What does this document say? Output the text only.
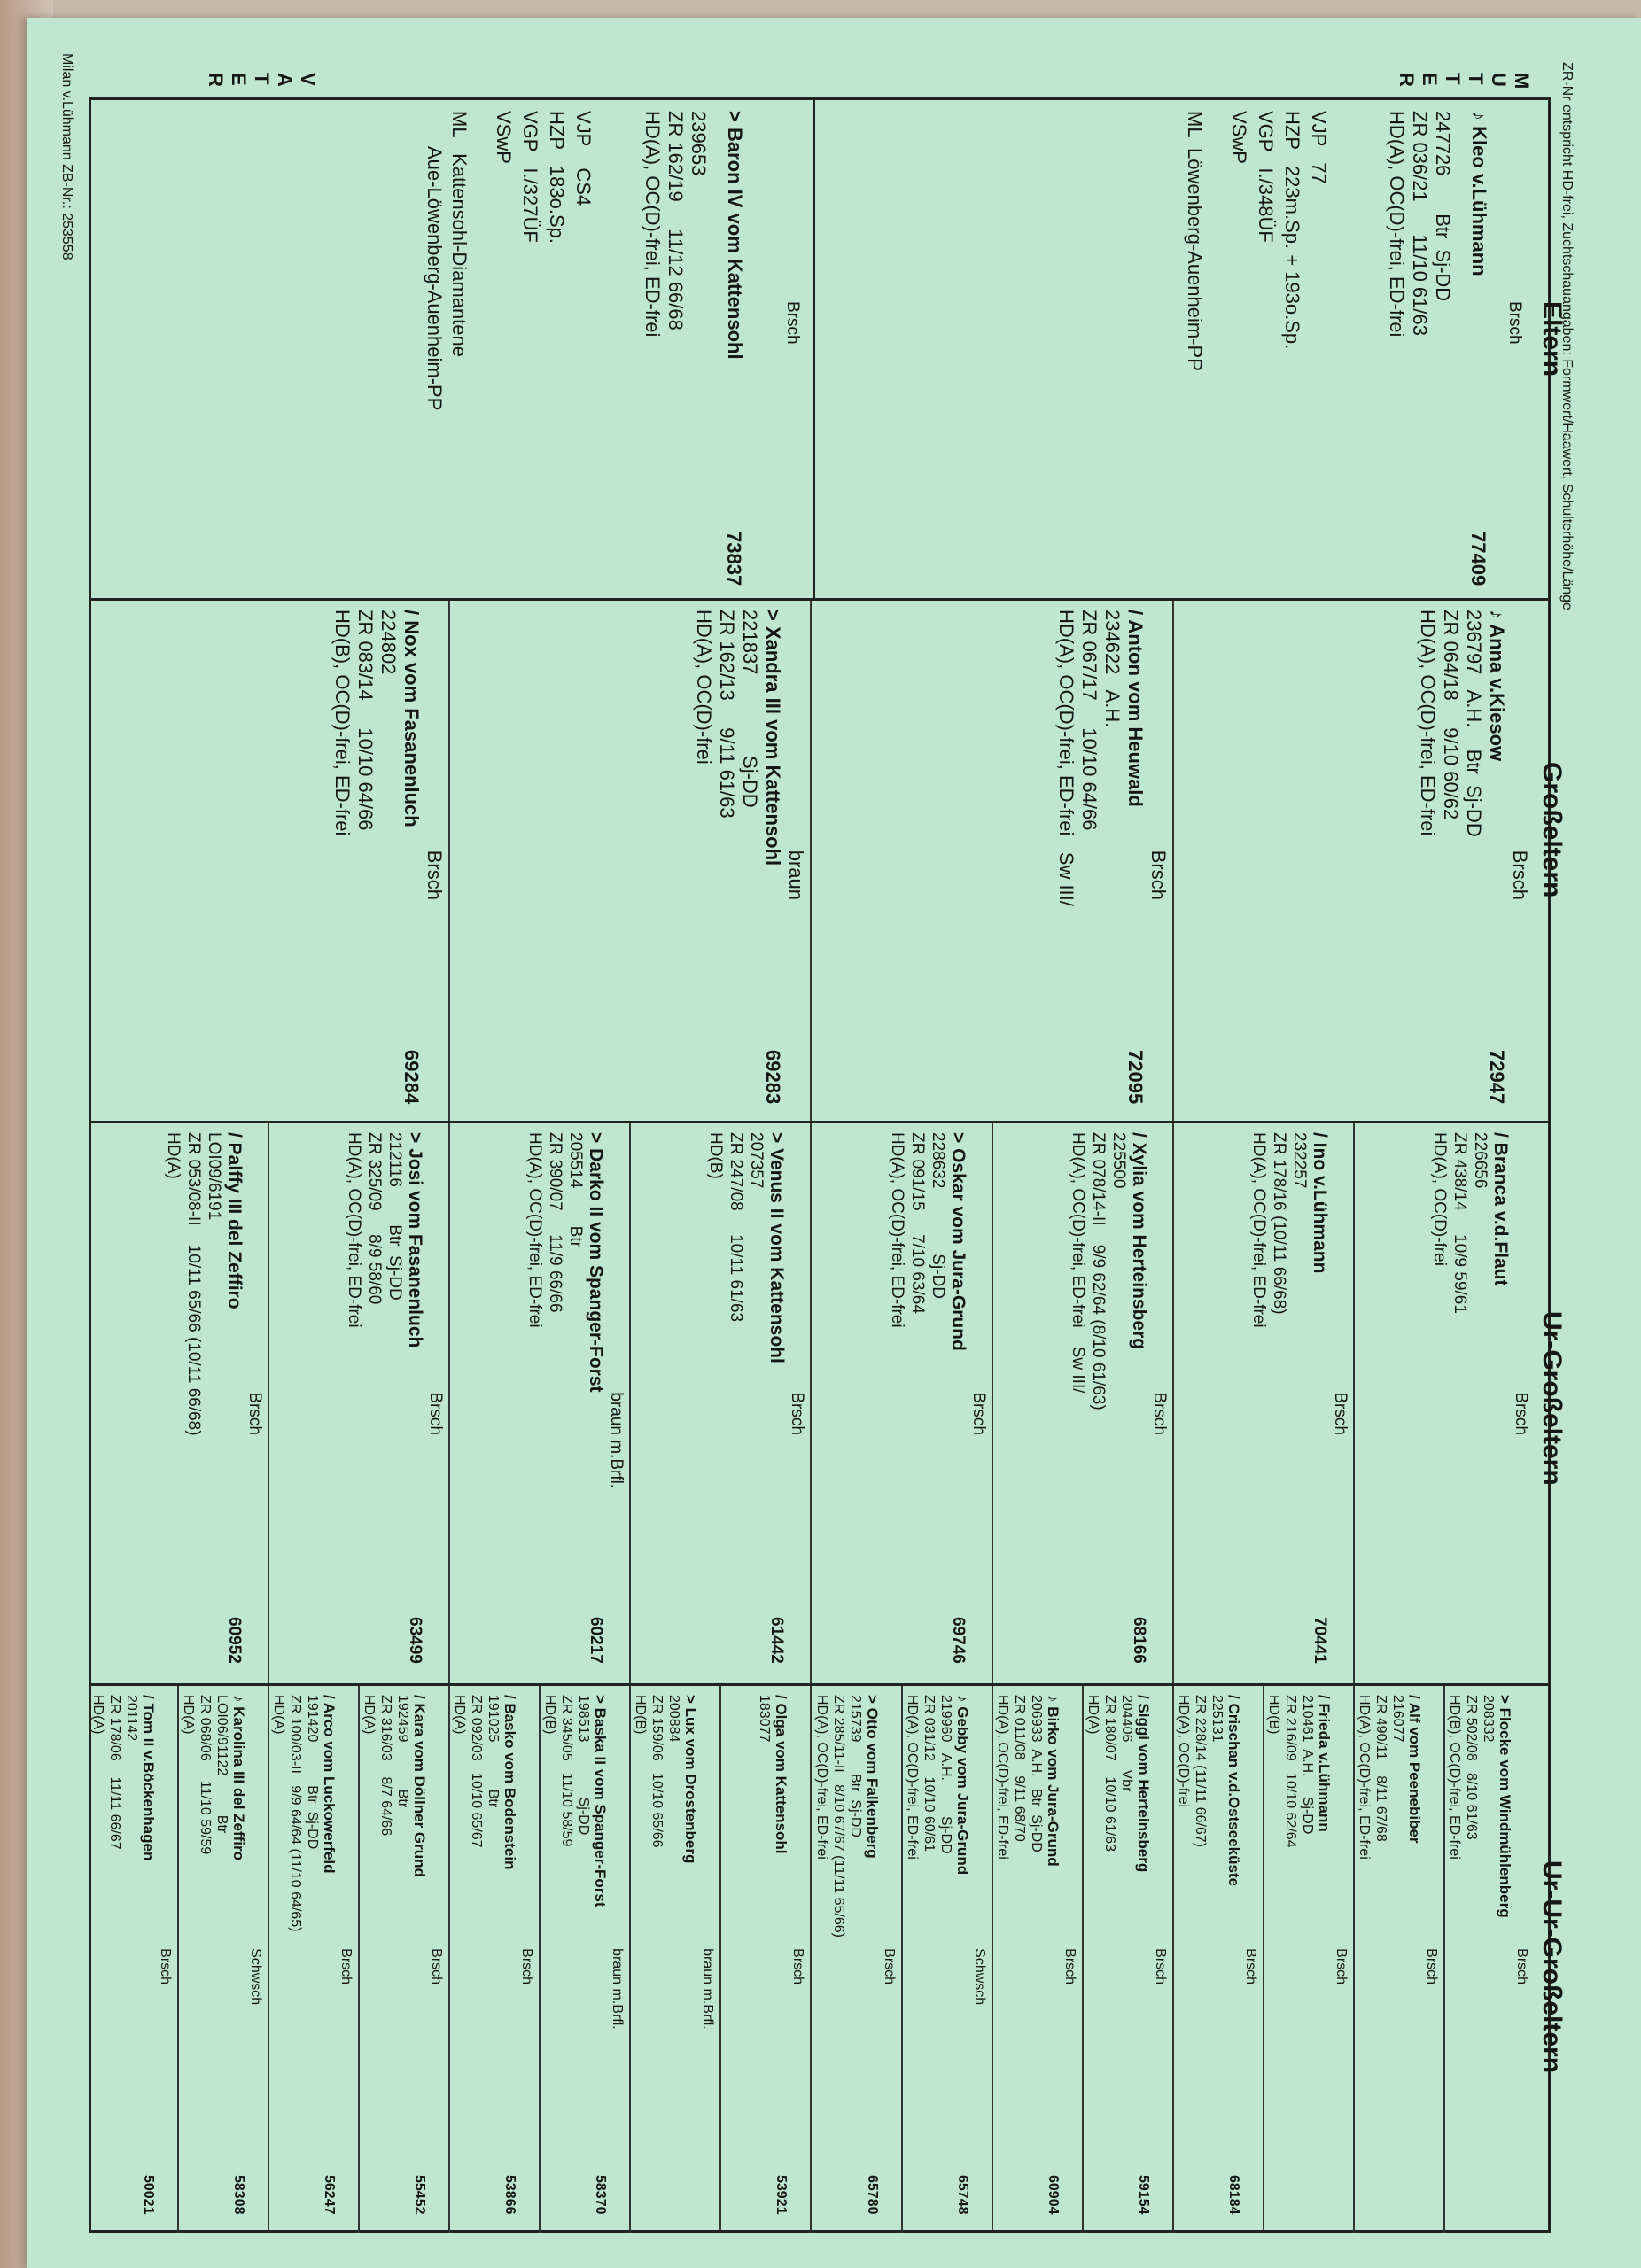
Milan v.Lühmann ZB-Nr.: 253558	ZR-Nr entspricht HD-frei, Zuchtschauangaben: Formwert/Haawert, Schulterhöhe/Länge
M
U
T
T
E
R
V
A
T
E
R
Eltern
Großeltern
Ur-Großeltern
Ur-Ur-Großeltern
Brsch
♪ Kleo v.Lühmann
77409
247726       Btr  Sj-DD
ZR 036/21      11/10 61/63
HD(A), OC(D)-frei, ED-frei
VJP   77
HZP   223m.Sp. + 193o.Sp.
VGP   I./348ÜF
VSwP
ML  Löwenberg-Auenheim-PP
Brsch
> Baron IV vom Kattensohl
73837
239653
ZR 162/19     11/12 66/68
HD(A), OC(D)-frei, ED-frei
VJP    CS4
HZP   183o.Sp.
VGP   I./327ÜF
VSwP
ML   Kattensohl-Diamantene
Aue-Löwenberg-Auenheim-PP
Brsch
♪ Anna v.Kiesow
72947
236797   A.H.    Btr  Sj-DD
ZR 064/18     9/10 60/62
HD(A), OC(D)-frei, ED-frei
Brsch
/ Anton vom Heuwald
72095
234622   A.H.
ZR 067/17     10/10 64/66
HD(A), OC(D)-frei, ED-frei   Sw III/
braun
> Xandra III vom Kattensohl
69283
221837               Sj-DD
ZR 162/13     9/11 61/63
HD(A), OC(D)-frei
Brsch
/ Nox vom Fasanenluch
69284
224802
ZR 083/14     10/10 64/66
HD(B), OC(D)-frei, ED-frei
Brsch
/ Branca v.d.Flaut
226656
ZR 438/14     10/9 59/61
HD(A), OC(D)-frei
Brsch
/ Ino v.Lühmann
70441
232257
ZR 178/16 (10/11 66/68)
HD(A), OC(D)-frei, ED-frei
Brsch
/ Xylia vom Herteinsberg
68166
225500
ZR 078/14-II    9/9 62/64 (8/10 61/63)
HD(A), OC(D)-frei, ED-frei    Sw III/
Brsch
> Oskar vom Jura-Grund
69746
228632              Sj-DD
ZR 091/15     7/10 63/64
HD(A), OC(D)-frei, ED-frei
Brsch
> Venus II vom Kattensohl
61442
207357
ZR 247/08     10/11 61/63
HD(B)
braun m.Brfl.
> Darko II vom Spanger-Forst
60217
205514        Btr
ZR 390/07     11/9 66/66
HD(A), OC(D)-frei, ED-frei
Brsch
> Josi vom Fasanenluch
63499
212116        Btr  Sj-DD
ZR 325/09     8/9 58/60
HD(A), OC(D)-frei, ED-frei
Brsch
/ Palffy III del Zeffiro
60952
LOI09/6191
ZR 053/08-II    10/11 65/66 (10/11 66/68)
HD(A)
Brsch
> Flocke vom Windmühlenberg
208332
ZR 502/08   8/10 61/63
HD(B), OC(D)-frei, ED-frei
Brsch
/ Alf vom Peenebiber
216077
ZR 490/11    8/11 67/68
HD(A), OC(D)-frei, ED-frei
Brsch
/ Frieda v.Lühmann
210461  A.H.     Sj-DD
ZR 216/09   10/10 62/64
HD(B)
Brsch
/ Crischan v.d.Ostseeküste
68184
225131
ZR 228/14 (11/11 66/67)
HD(A), OC(D)-frei
Brsch
/ Siggi vom Herteinsberg
59154
204406       Vbr
ZR 180/07    10/10 61/63
HD(A)
Brsch
♪ Birko vom Jura-Grund
60904
206933  A.H.   Btr  Sj-DD
ZR 011/08    9/11 68/70
HD(A), OC(D)-frei, ED-frei
Schwsch
♪ Gebby vom Jura-Grund
65748
219960   A.H.         Sj-DD
ZR 031/12    10/10 60/61
HD(A), OC(D)-frei, ED-frei
Brsch
> Otto vom Falkenberg
65780
215739        Btr  Sj-DD
ZR 285/11-II   8/10 67/67 (11/11 65/66)
HD(A), OC(D)-frei, ED-frei
Brsch
/ Olga vom Kattensohl
53921
183077
braun m.Brfl.
> Lux vom Drostenberg
200884
ZR 159/06   10/10 65/66
HD(B)
braun m.Brfl.
> Baska II vom Spanger-Forst
58370
198513              Sj-DD
ZR 345/05   11/10 58/59
HD(B)
Brsch
/ Basko vom Bodenstein
53866
191025            Btr
ZR 092/03   10/10 65/67
HD(A)
Brsch
/ Kara vom Döllner Grund
55452
192459            Btr
ZR 316/03    8/7 64/66
HD(A)
Brsch
/ Arco vom Luckowerfeld
56247
191420           Btr  Sj-DD
ZR 100/03-II   9/9 64/64 (11/10 64/65)
HD(A)
Schwsch
♪ Karolina III del Zeffiro
58308
LOI06/91122          Btr
ZR 068/06     11/10 59/59
HD(A)
Brsch
/ Tom II v.Böckenhagen
50021
201142
ZR 178/06    11/11 66/67
HD(A)
